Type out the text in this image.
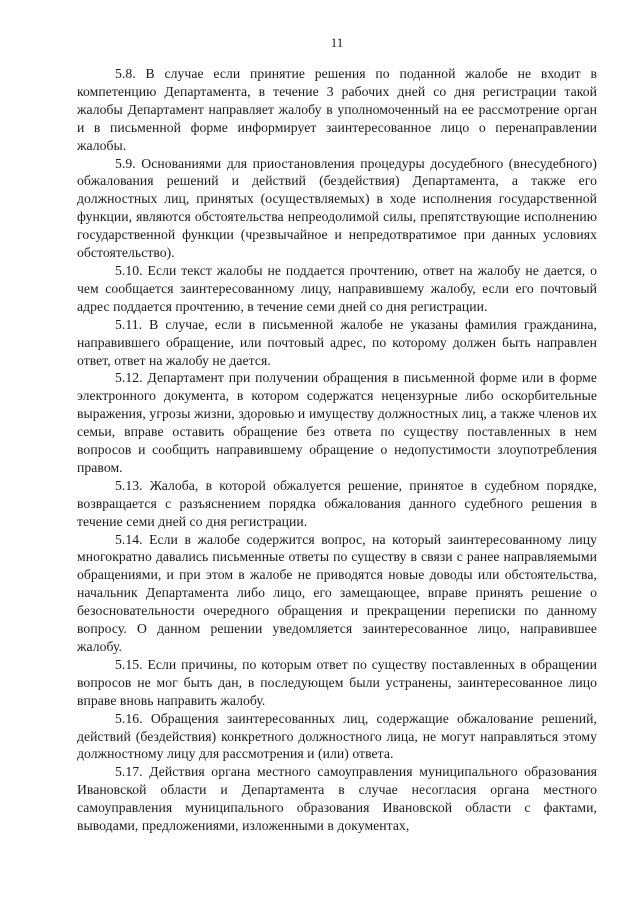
11

5.8. В случае если принятие решения по поданной жалобе не входит в компетенцию Департамента, в течение 3 рабочих дней со дня регистрации такой жалобы Департамент направляет жалобу в уполномоченный на ее рассмотрение орган и в письменной форме информирует заинтересованное лицо о перенаправлении жалобы.

5.9. Основаниями для приостановления процедуры досудебного (внесудебного) обжалования решений и действий (бездействия) Департамента, а также его должностных лиц, принятых (осуществляемых) в ходе исполнения государственной функции, являются обстоятельства непреодолимой силы, препятствующие исполнению государственной функции (чрезвычайное и непредотвратимое при данных условиях обстоятельство).

5.10. Если текст жалобы не поддается прочтению, ответ на жалобу не дается, о чем сообщается заинтересованному лицу, направившему жалобу, если его почтовый адрес поддается прочтению, в течение семи дней со дня регистрации.

5.11. В случае, если в письменной жалобе не указаны фамилия гражданина, направившего обращение, или почтовый адрес, по которому должен быть направлен ответ, ответ на жалобу не дается.

5.12. Департамент при получении обращения в письменной форме или в форме электронного документа, в котором содержатся нецензурные либо оскорбительные выражения, угрозы жизни, здоровью и имуществу должностных лиц, а также членов их семьи, вправе оставить обращение без ответа по существу поставленных в нем вопросов и сообщить направившему обращение о недопустимости злоупотребления правом.

5.13. Жалоба, в которой обжалуется решение, принятое в судебном порядке, возвращается с разъяснением порядка обжалования данного судебного решения в течение семи дней со дня регистрации.

5.14. Если в жалобе содержится вопрос, на который заинтересованному лицу многократно давались письменные ответы по существу в связи с ранее направляемыми обращениями, и при этом в жалобе не приводятся новые доводы или обстоятельства, начальник Департамента либо лицо, его замещающее, вправе принять решение о безосновательности очередного обращения и прекращении переписки по данному вопросу. О данном решении уведомляется заинтересованное лицо, направившее жалобу.

5.15. Если причины, по которым ответ по существу поставленных в обращении вопросов не мог быть дан, в последующем были устранены, заинтересованное лицо вправе вновь направить жалобу.

5.16. Обращения заинтересованных лиц, содержащие обжалование решений, действий (бездействия) конкретного должностного лица, не могут направляться этому должностному лицу для рассмотрения и (или) ответа.

5.17. Действия органа местного самоуправления муниципального образования Ивановской области и Департамента в случае несогласия органа местного самоуправления муниципального образования Ивановской области с фактами, выводами, предложениями, изложенными в документах,
